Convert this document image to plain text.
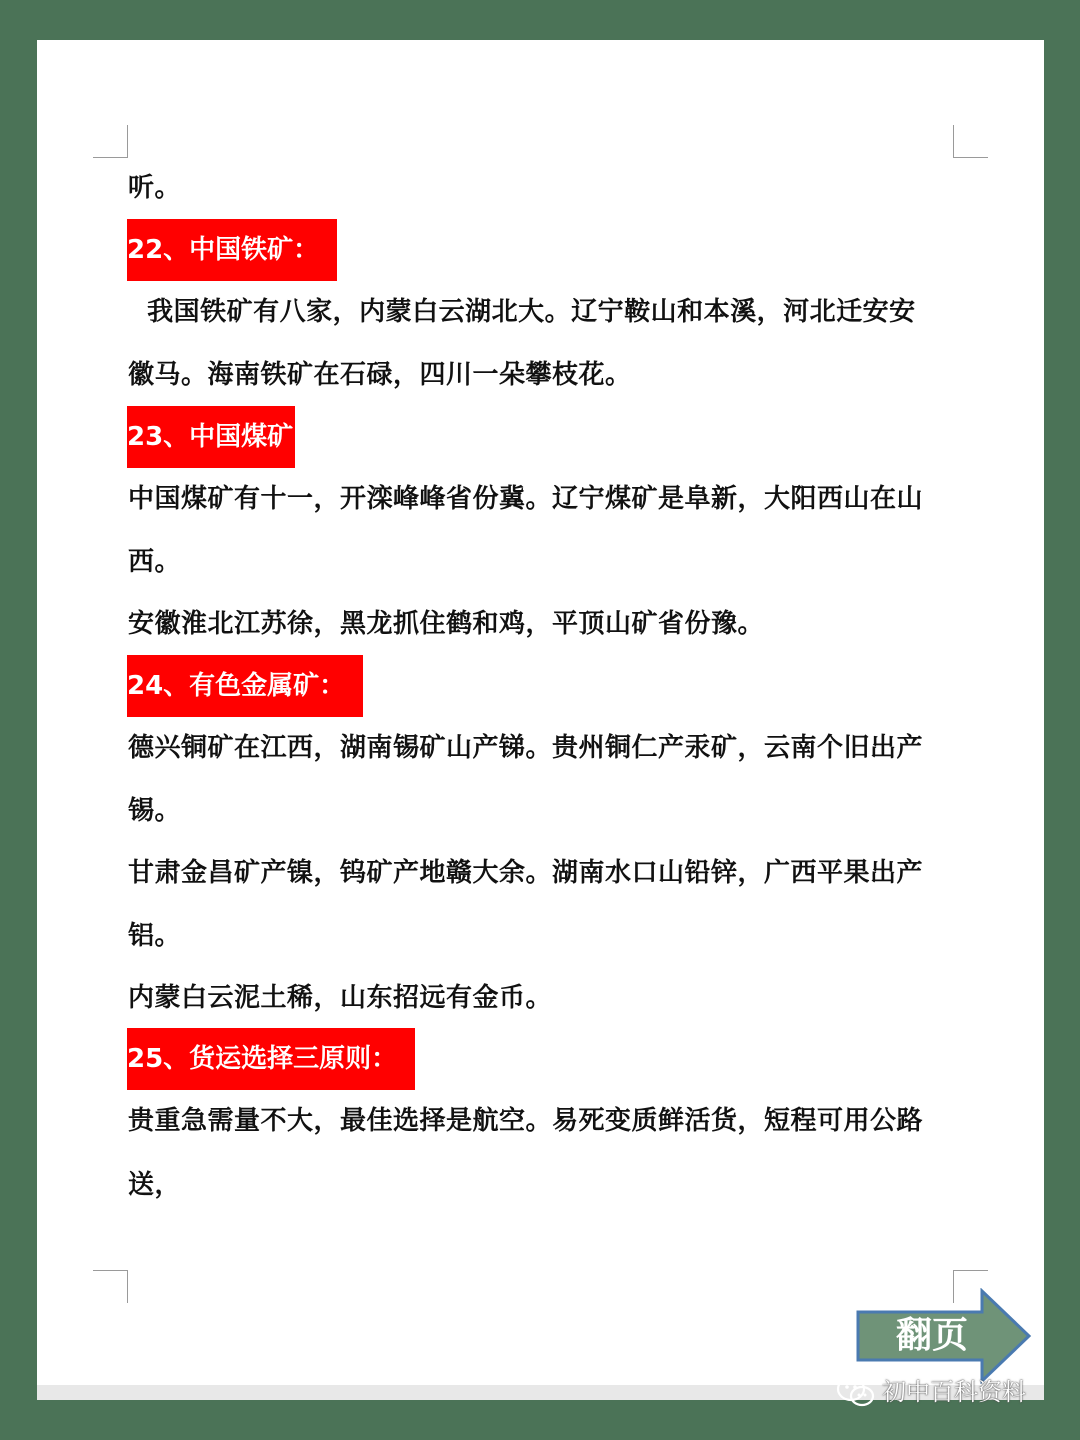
听。
22、中国铁矿：
我国铁矿有八家，内蒙白云湖北大。辽宁鞍山和本溪，河北迁安安
徽马。海南铁矿在石碌，四川一朵攀枝花。
23、中国煤矿
中国煤矿有十一，开滦峰峰省份冀。辽宁煤矿是阜新，大阳西山在山
西。
安徽淮北江苏徐，黑龙抓住鹤和鸡，平顶山矿省份豫。
24、有色金属矿：
德兴铜矿在江西，湖南锡矿山产锑。贵州铜仁产汞矿，云南个旧出产
锡。
甘肃金昌矿产镍，钨矿产地赣大余。湖南水口山铅锌，广西平果出产
铝。
内蒙白云泥土稀，山东招远有金币。
25、货运选择三原则：
贵重急需量不大，最佳选择是航空。易死变质鲜活货，短程可用公路
送，
翻页
初中百科资料
